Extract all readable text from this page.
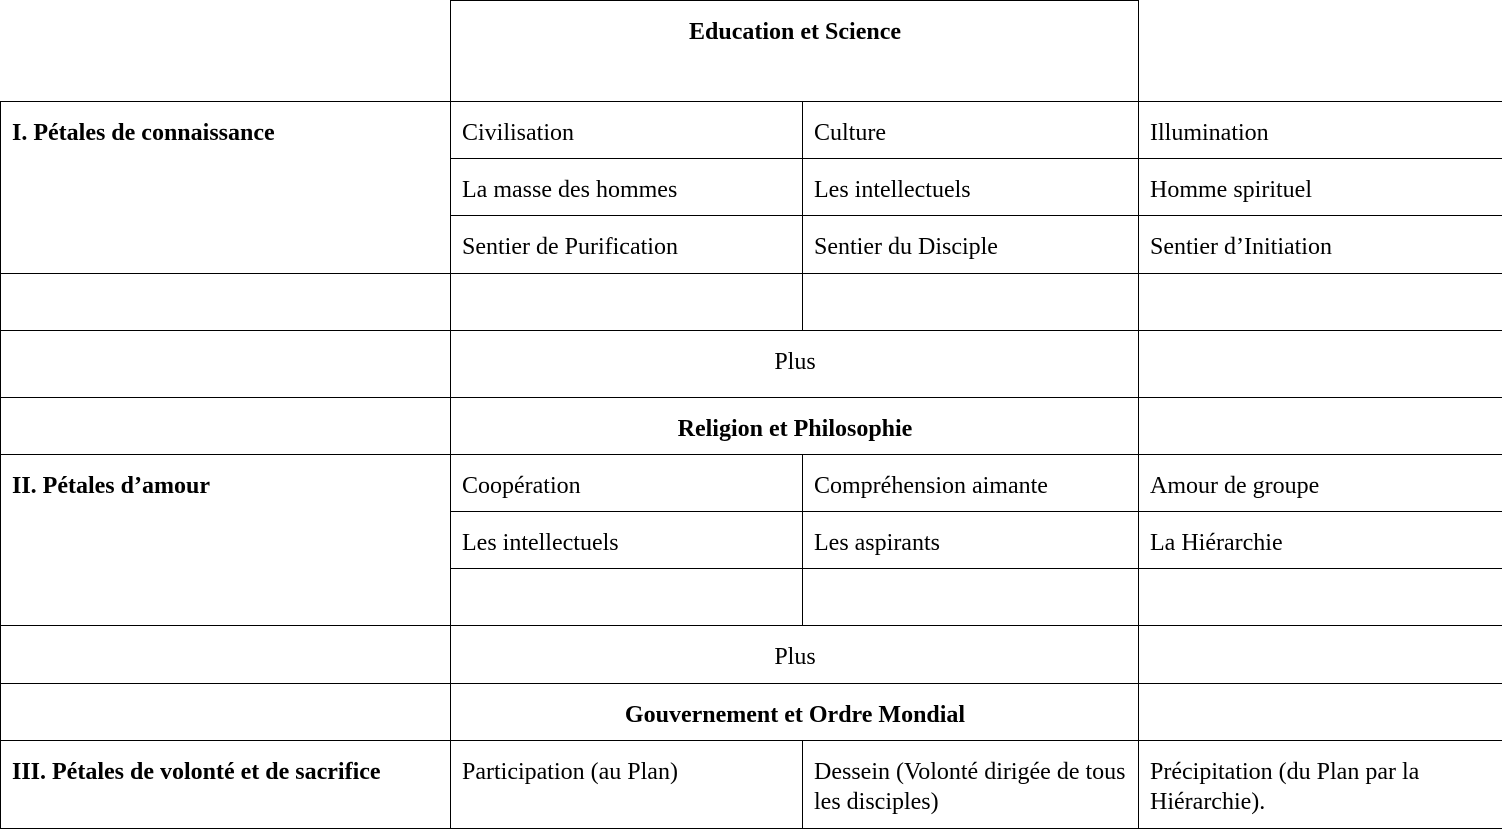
	Education et Science		
I. Pétales de connaissance	Civilisation	Culture	Illumination
	La masse des hommes	Les intellectuels	Homme spirituel
	Sentier de Purification	Sentier du Disciple	Sentier d’Initiation

	Plus		
	Religion et Philosophie		
II. Pétales d’amour	Coopération	Compréhension aimante	Amour de groupe
	Les intellectuels	Les aspirants	La Hiérarchie

	Plus		
	Gouvernement et Ordre Mondial		
III. Pétales de volonté et de sacrifice	Participation (au Plan)	Dessein (Volonté dirigée de tous les disciples)	Précipitation (du Plan par la Hiérarchie).
